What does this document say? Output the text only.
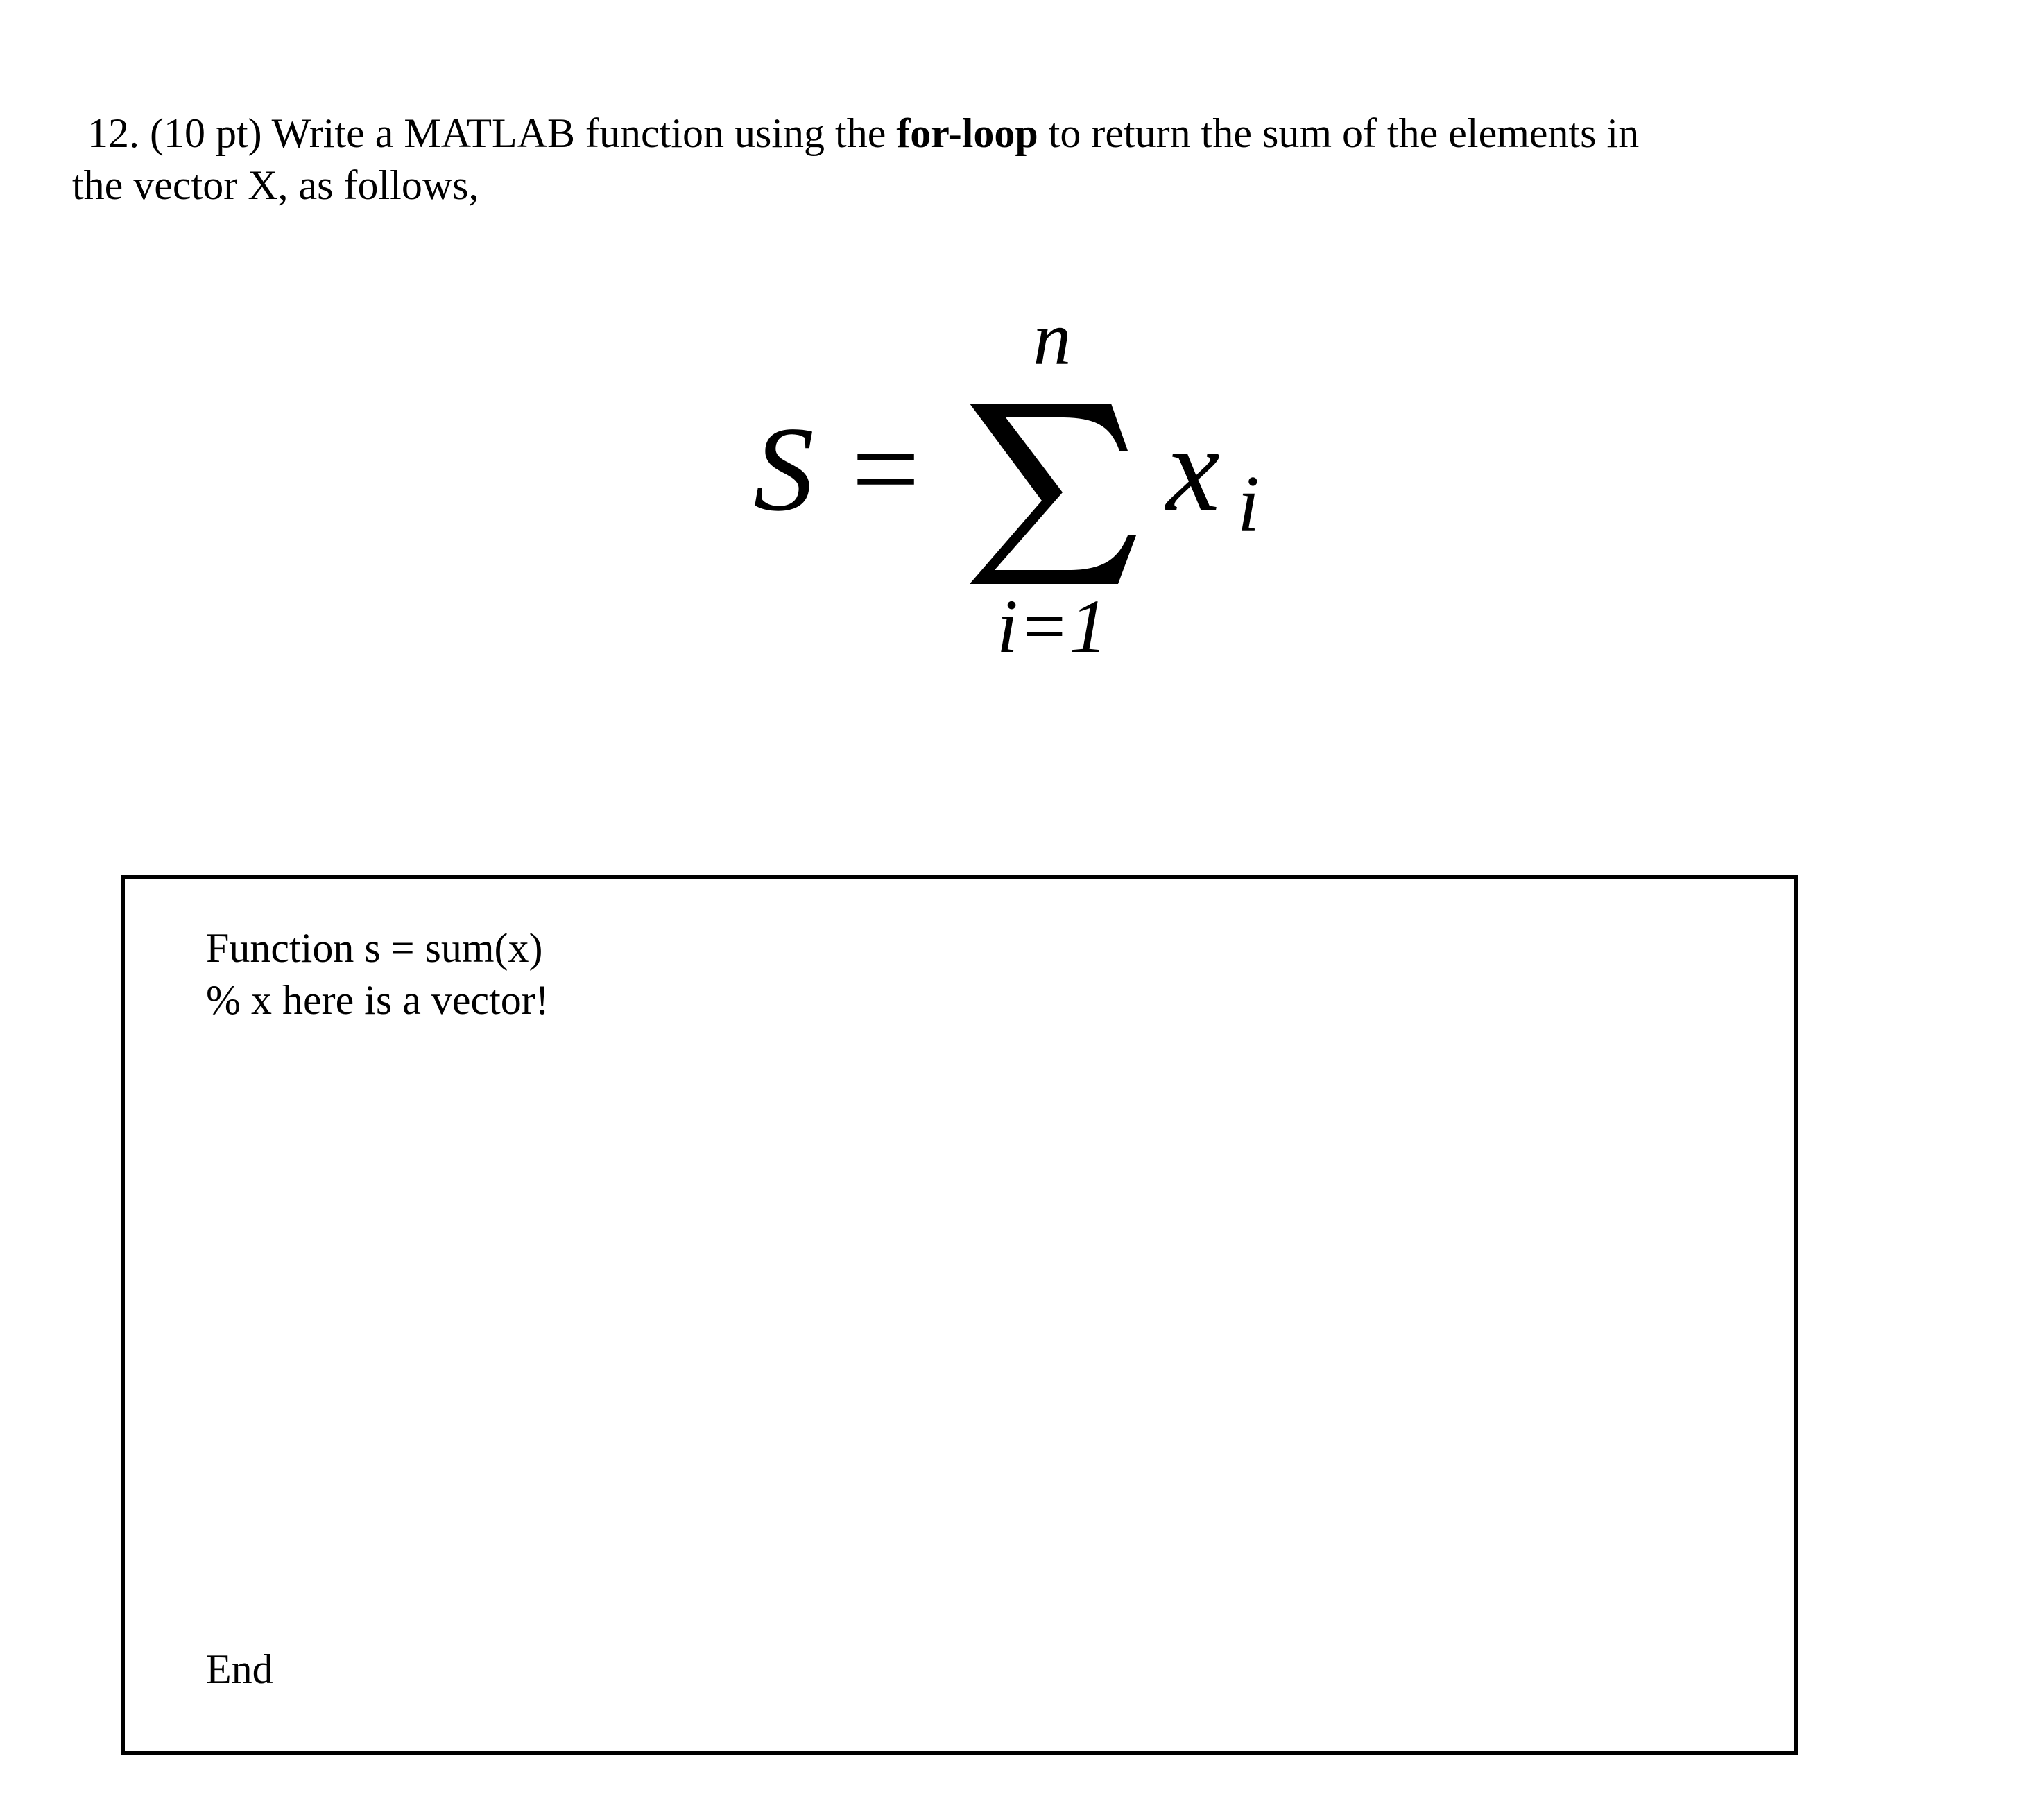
12. (10 pt) Write a MATLAB function using the for-loop to return the sum of the elements in
the vector X, as follows,
S =
n
i=1
x i
Function s = sum(x)
% x here is a vector!
End
